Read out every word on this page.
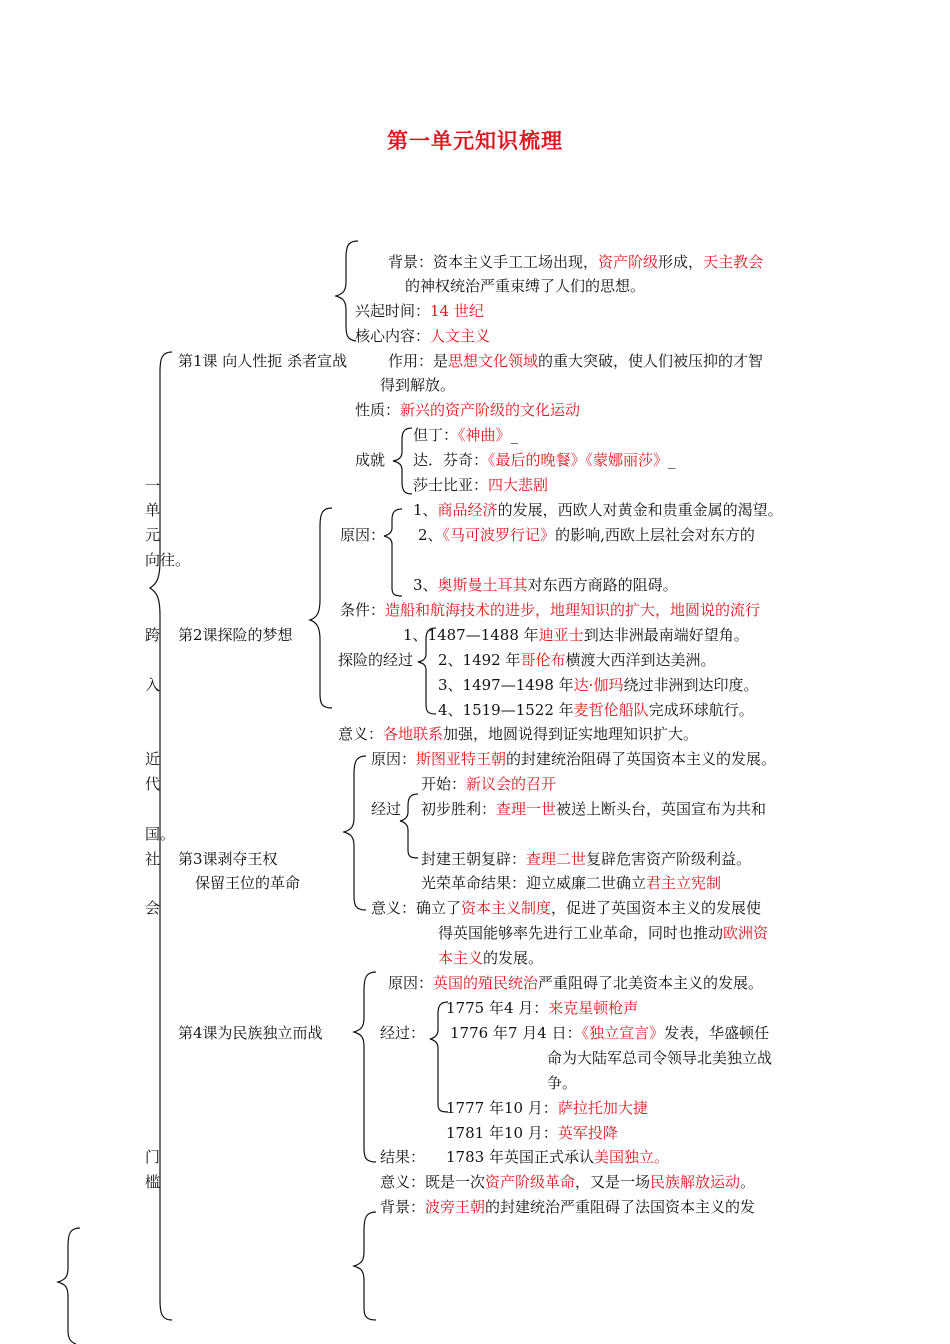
第一单元知识梳理
一
单
元
向往。
跨
入
近
代
国。
社
会
门
槛
背景：资本主义手工工场出现，资产阶级形成，天主教会
的神权统治严重束缚了人们的思想。
兴起时间：14 世纪
核心内容：人文主义
第1课 向人性扼 杀者宣战	作用：是思想文化领域的重大突破，使人们被压抑的才智
得到解放。
性质：新兴的资产阶级的文化运动
但丁：《神曲》_
成就 达．芬奇：《最后的晚餐》《蒙娜丽莎》_
莎士比亚：四大悲剧
1、商品经济的发展，西欧人对黄金和贵重金属的渴望。
原因： 2、《马可波罗行记》的影响,西欧上层社会对东方的
3、奥斯曼土耳其对东西方商路的阻碍。
条件：造船和航海技术的进步，地理知识的扩大，地圆说的流行
第2课探险的梦想	1、1487—1488 年迪亚士到达非洲最南端好望角。
探险的经过 2、1492 年哥伦布横渡大西洋到达美洲。
3、1497—1498 年达·伽玛绕过非洲到达印度。
4、1519—1522 年麦哲伦船队完成环球航行。
意义：各地联系加强，地圆说得到证实地理知识扩大。
原因：斯图亚特王朝的封建统治阻碍了英国资本主义的发展。
开始：新议会的召开
经过 初步胜利：查理一世被送上断头台，英国宣布为共和
第3课剥夺王权	封建王朝复辟：查理二世复辟危害资产阶级利益。
保留王位的革命	光荣革命结果：迎立威廉二世确立君主立宪制
意义：确立了资本主义制度，促进了英国资本主义的发展使
得英国能够率先进行工业革命，同时也推动欧洲资
本主义的发展。
原因：英国的殖民统治严重阻碍了北美资本主义的发展。
1775 年4 月：来克星顿枪声
第4课为民族独立而战	经过： 1776 年7 月4 日：《独立宣言》发表，华盛顿任
命为大陆军总司令领导北美独立战
争。
1777 年10 月：萨拉托加大捷
1781 年10 月：英军投降
结果： 1783 年英国正式承认美国独立。
意义：既是一次资产阶级革命，又是一场民族解放运动。
背景：波旁王朝的封建统治严重阻碍了法国资本主义的发
